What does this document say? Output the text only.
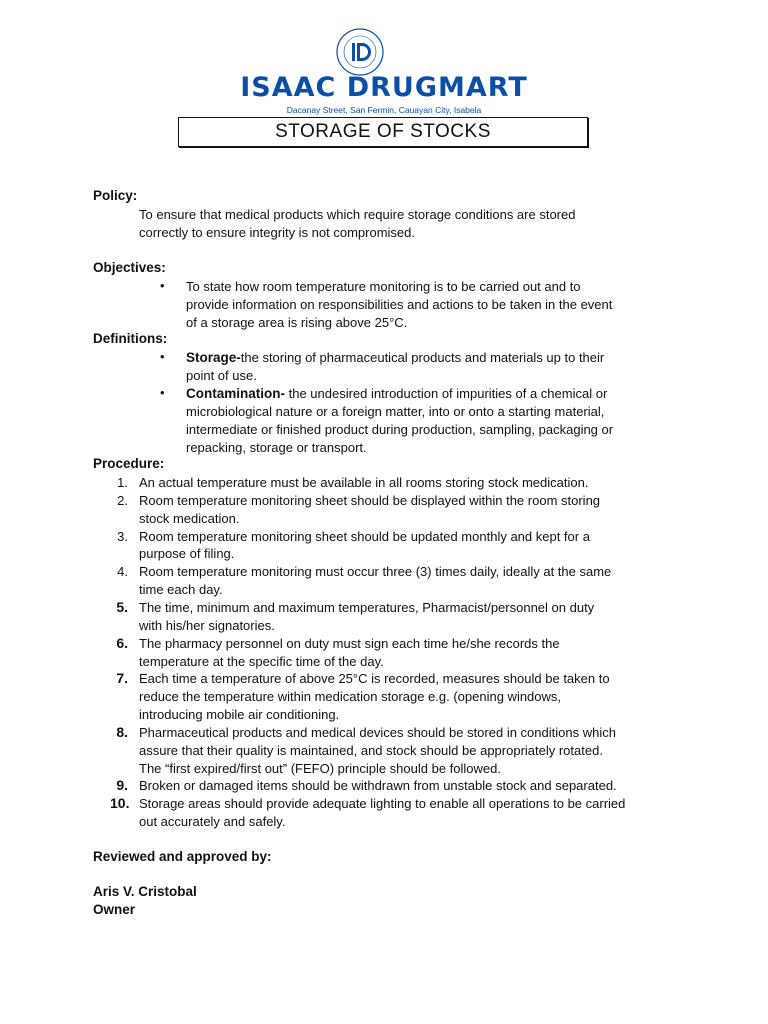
ISAAC DRUGMART
Dacanay Street, San Fermin, Cauayan City, Isabela
STORAGE OF STOCKS
Policy:
To ensure that medical products which require storage conditions are stored
correctly to ensure integrity is not compromised.
Objectives:
• To state how room temperature monitoring is to be carried out and to
provide information on responsibilities and actions to be taken in the event
of a storage area is rising above 25°C.
Definitions:
• Storage-the storing of pharmaceutical products and materials up to their
point of use.
• Contamination- the undesired introduction of impurities of a chemical or
microbiological nature or a foreign matter, into or onto a starting material,
intermediate or finished product during production, sampling, packaging or
repacking, storage or transport.
Procedure:
1. An actual temperature must be available in all rooms storing stock medication.
2. Room temperature monitoring sheet should be displayed within the room storing
stock medication.
3. Room temperature monitoring sheet should be updated monthly and kept for a
purpose of filing.
4. Room temperature monitoring must occur three (3) times daily, ideally at the same
time each day.
5. The time, minimum and maximum temperatures, Pharmacist/personnel on duty
with his/her signatories.
6. The pharmacy personnel on duty must sign each time he/she records the
temperature at the specific time of the day.
7. Each time a temperature of above 25°C is recorded, measures should be taken to
reduce the temperature within medication storage e.g. (opening windows,
introducing mobile air conditioning.
8. Pharmaceutical products and medical devices should be stored in conditions which
assure that their quality is maintained, and stock should be appropriately rotated.
The “first expired/first out” (FEFO) principle should be followed.
9. Broken or damaged items should be withdrawn from unstable stock and separated.
10. Storage areas should provide adequate lighting to enable all operations to be carried
out accurately and safely.
Reviewed and approved by:
Aris V. Cristobal
Owner
